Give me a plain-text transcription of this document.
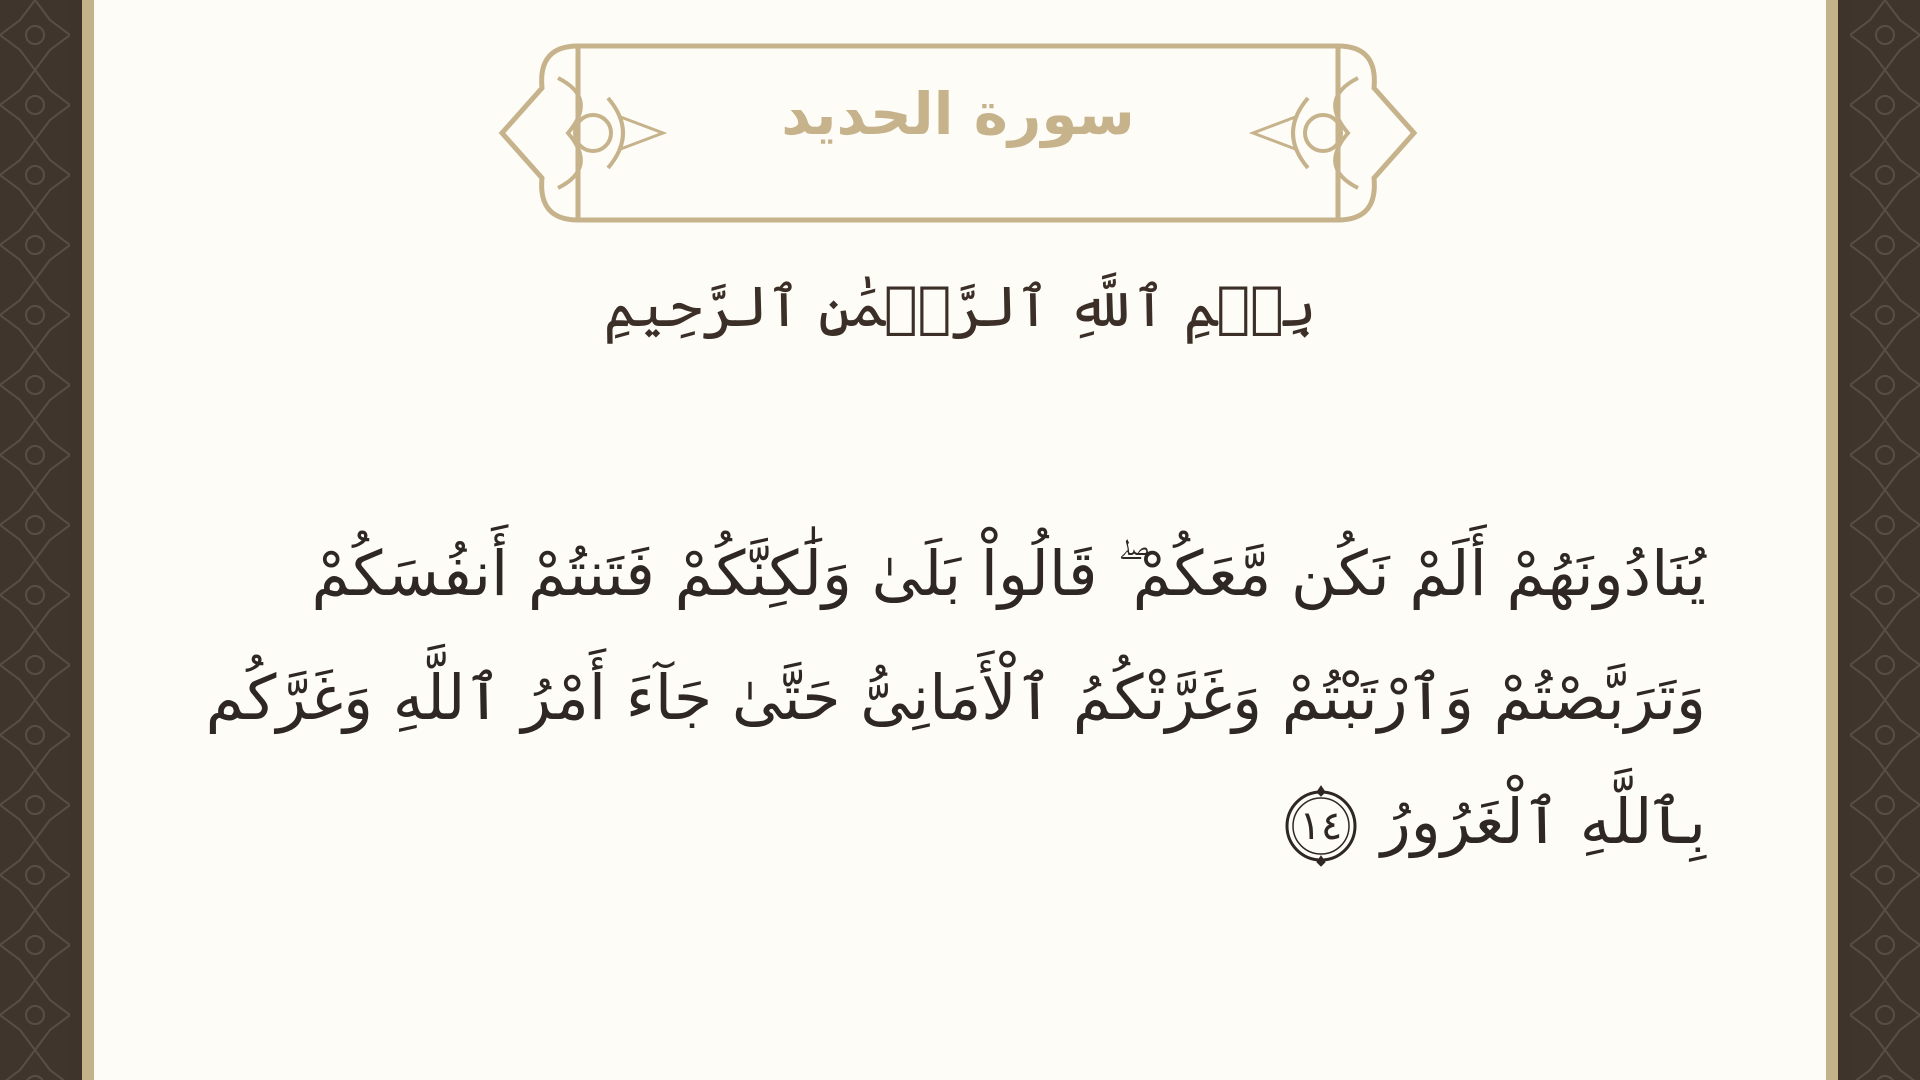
سورة الحديد
بِسۡمِ ٱللَّهِ ٱلرَّحۡمَٰنِ ٱلرَّحِيمِ
يُنَادُونَهُمْ أَلَمْ نَكُن مَّعَكُمْ ۖ قَالُواْ بَلَىٰ وَلَٰكِنَّكُمْ فَتَنتُمْ أَنفُسَكُمْ
وَتَرَبَّصْتُمْ وَٱرْتَبْتُمْ وَغَرَّتْكُمُ ٱلْأَمَانِىُّ حَتَّىٰ جَآءَ أَمْرُ ٱللَّهِ وَغَرَّكُم
بِٱللَّهِ ٱلْغَرُورُ
١٤
